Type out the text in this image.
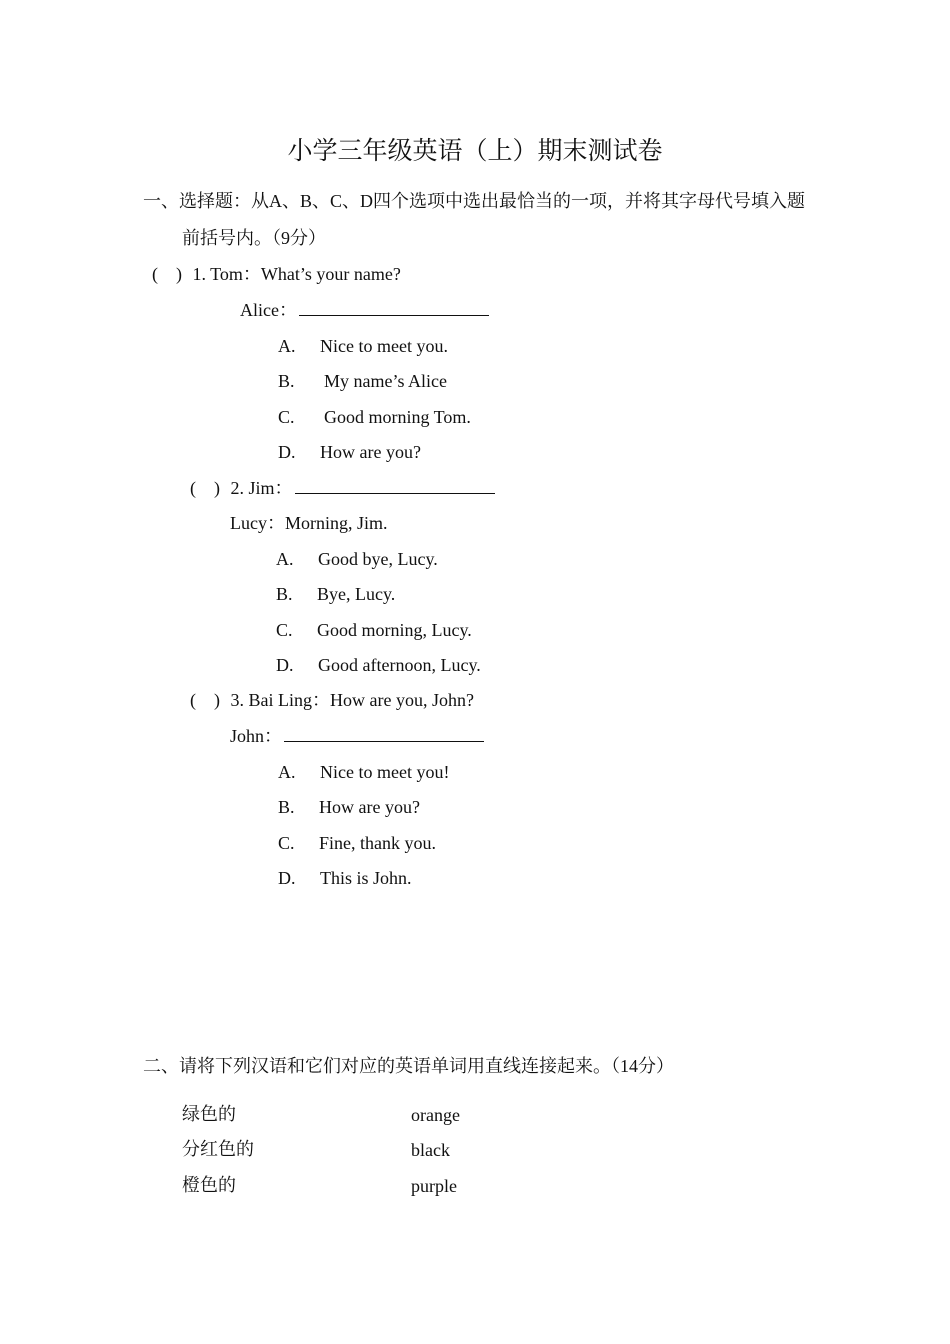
小学三年级英语（上）期末测试卷
一、选择题：从A、B、C、D四个选项中选出最恰当的一项，并将其字母代号填入题
前括号内。（9分）
(    ) 1. Tom：What’s your name?
Alice：
A. Nice to meet you.
B. My name’s Alice
C. Good morning Tom.
D. How are you?
(    ) 2. Jim：
Lucy：Morning, Jim.
A. Good bye, Lucy.
B. Bye, Lucy.
C. Good morning, Lucy.
D. Good afternoon, Lucy.
(    ) 3. Bai Ling：How are you, John?
John：
A. Nice to meet you!
B. How are you?
C. Fine, thank you.
D. This is John.
二、请将下列汉语和它们对应的英语单词用直线连接起来。（14分）
绿色的	orange
分红色的	black
橙色的	purple
